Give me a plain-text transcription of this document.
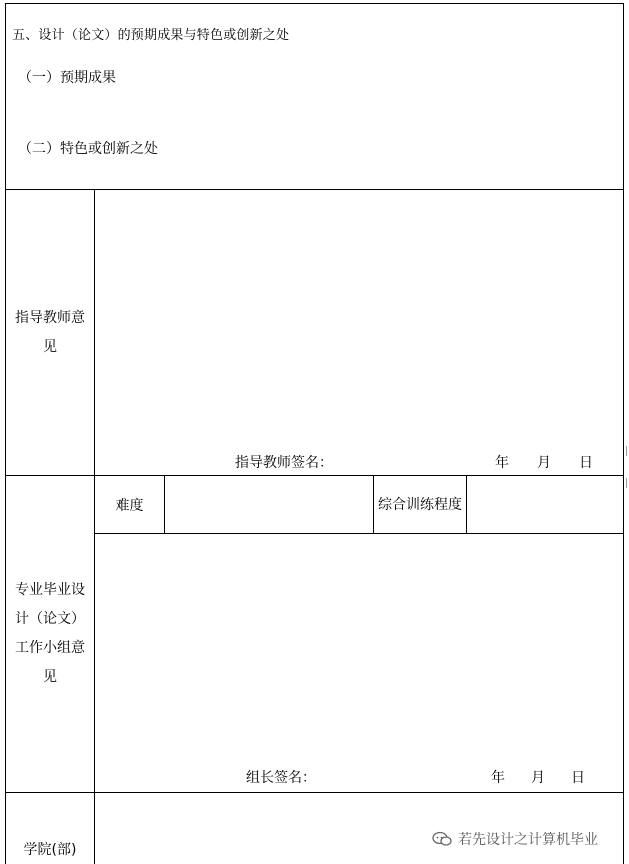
五、设计（论文）的预期成果与特色或创新之处
（一）预期成果
（二）特色或创新之处				

指导教师意见	指导教师签名： 年 月 日			

专业毕业设计（论文）工作小组意见	难度		综合训练程度	

	组长签名： 年 月 日			

学院(部)				

若先设计之计算机毕业
